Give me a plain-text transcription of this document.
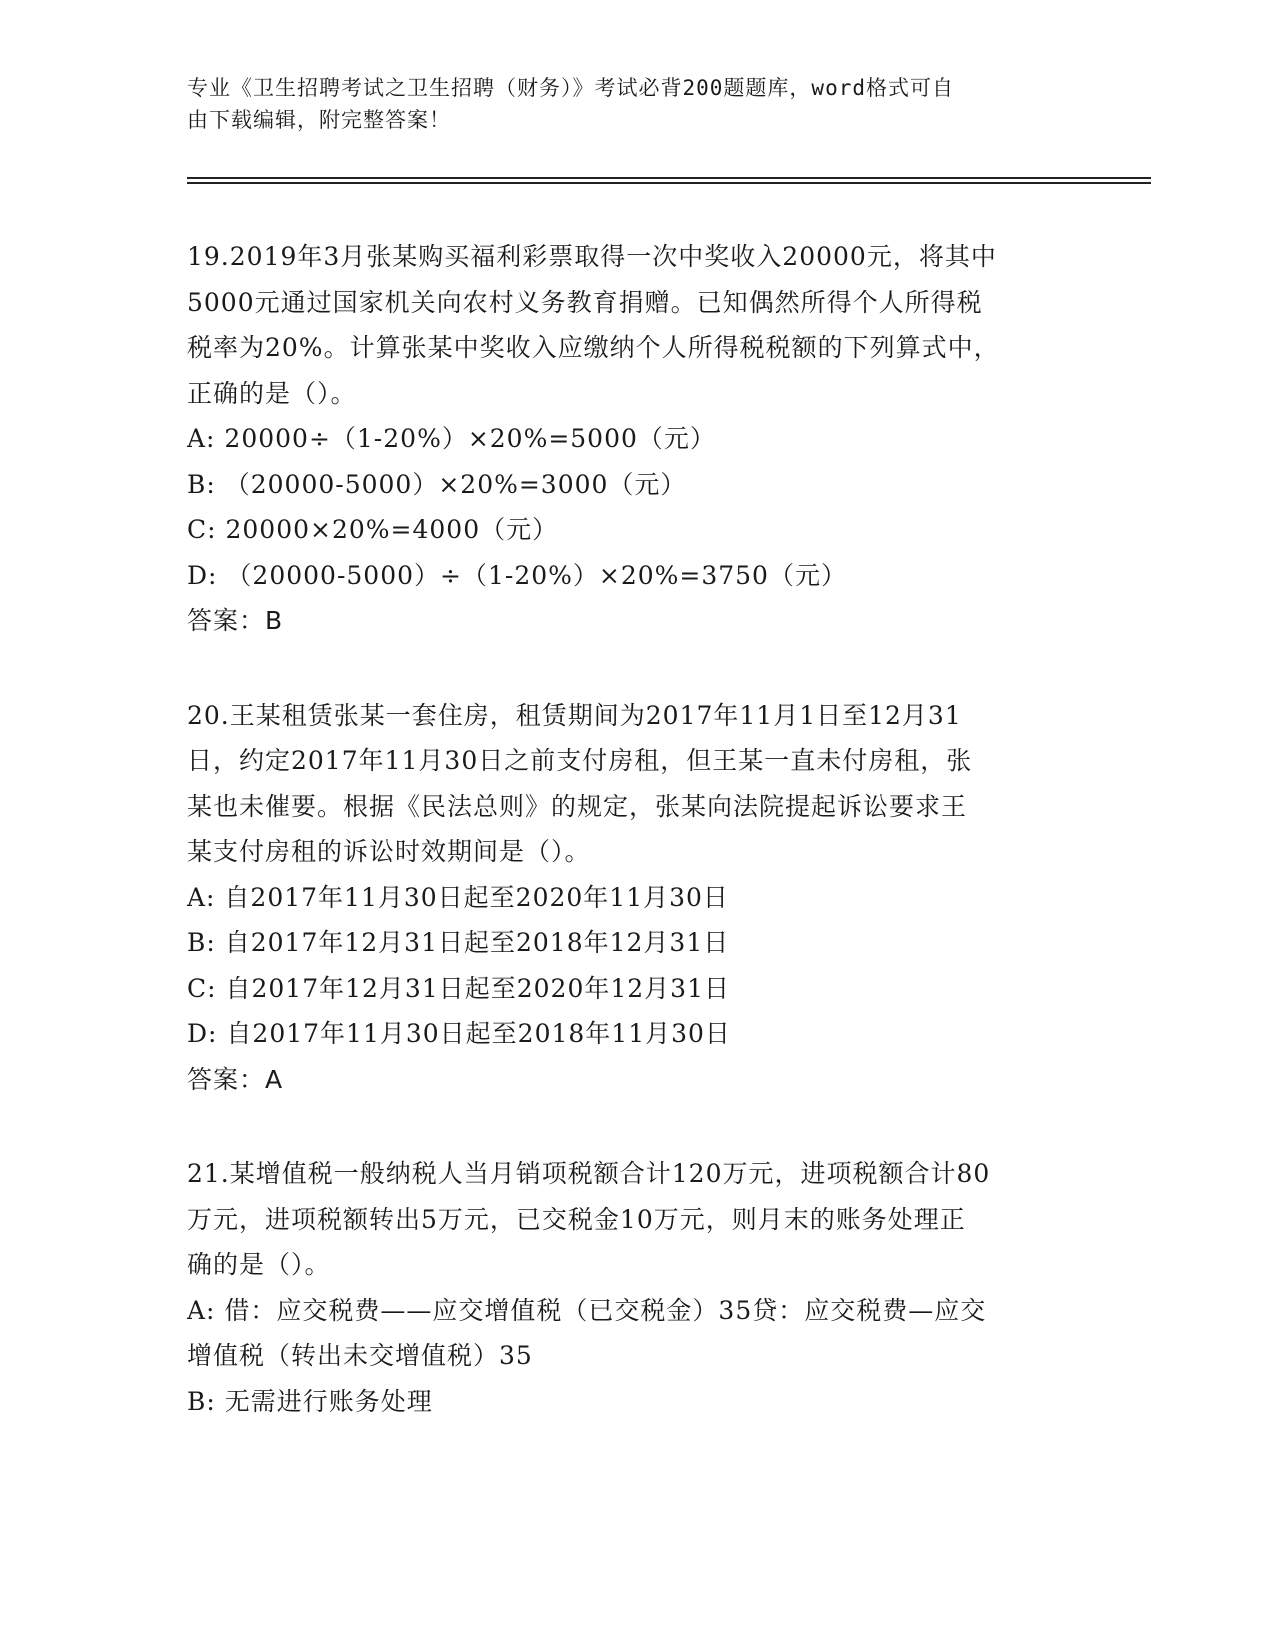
专业《卫生招聘考试之卫生招聘（财务）》考试必背200题题库，word格式可自
由下载编辑，附完整答案！
19.2019年3月张某购买福利彩票取得一次中奖收入20000元，将其中
5000元通过国家机关向农村义务教育捐赠。已知偶然所得个人所得税
税率为20%。计算张某中奖收入应缴纳个人所得税税额的下列算式中，
正确的是（）。
A: 20000÷（1-20%）×20%=5000（元）
B: （20000-5000）×20%=3000（元）
C: 20000×20%=4000（元）
D: （20000-5000）÷（1-20%）×20%=3750（元）
答案：B
20.王某租赁张某一套住房，租赁期间为2017年11月1日至12月31
日，约定2017年11月30日之前支付房租，但王某一直未付房租，张
某也未催要。根据《民法总则》的规定，张某向法院提起诉讼要求王
某支付房租的诉讼时效期间是（）。
A: 自2017年11月30日起至2020年11月30日
B: 自2017年12月31日起至2018年12月31日
C: 自2017年12月31日起至2020年12月31日
D: 自2017年11月30日起至2018年11月30日
答案：A
21.某增值税一般纳税人当月销项税额合计120万元，进项税额合计80
万元，进项税额转出5万元，已交税金10万元，则月末的账务处理正
确的是（）。
A: 借：应交税费——应交增值税（已交税金）35贷：应交税费—应交
增值税（转出未交增值税）35
B: 无需进行账务处理
